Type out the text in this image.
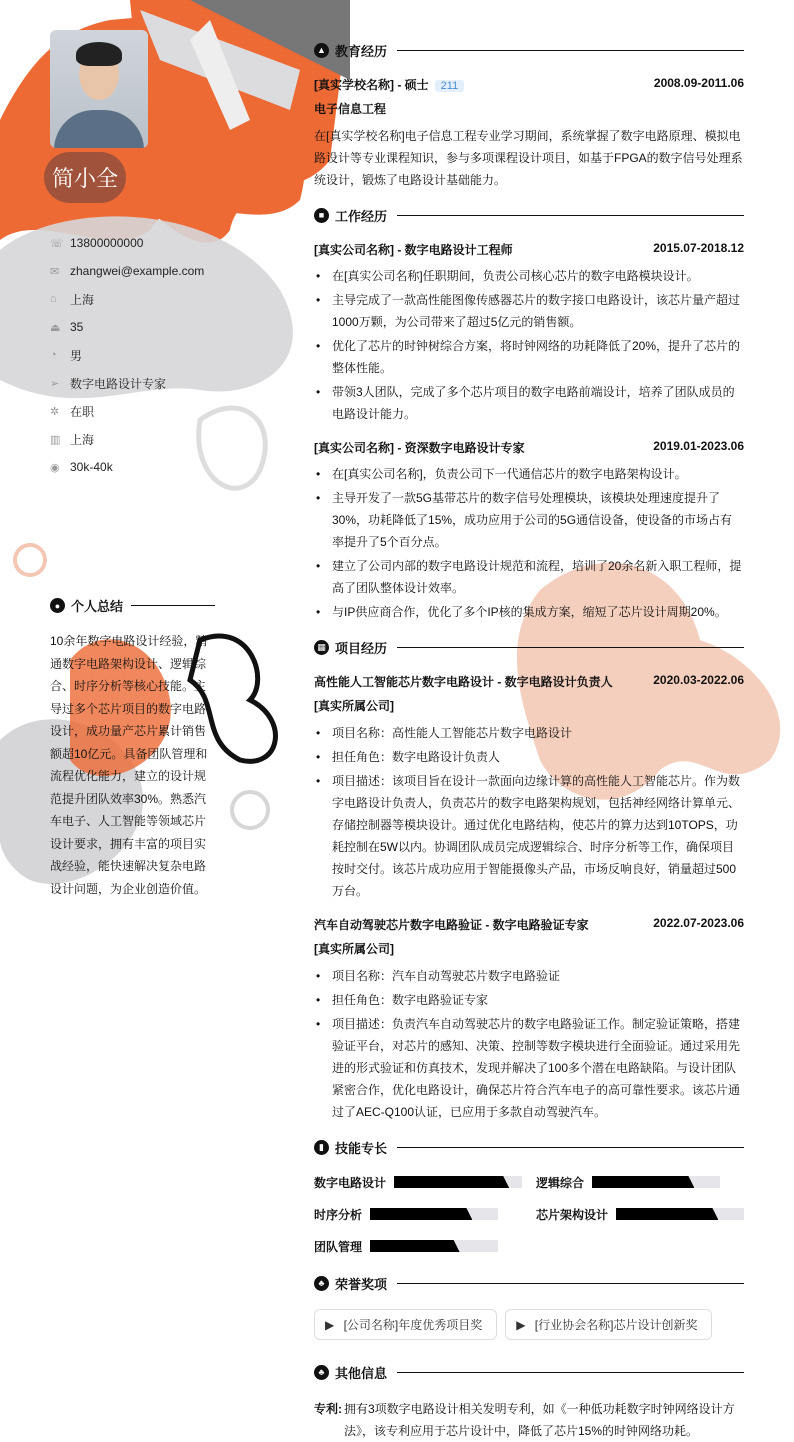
简小全
☏ 13800000000
✉ zhangwei@example.com
⌂	上海
⏏ 35
◔	男
➢ 数字电路设计专家
✲ 在职
▥ 上海
◉ 30k-40k
● 个人总结
10余年数字电路设计经验，精通数字电路架构设计、逻辑综合、时序分析等核心技能。主导过多个芯片项目的数字电路设计，成功量产芯片累计销售额超10亿元。具备团队管理和流程优化能力，建立的设计规范提升团队效率30%。熟悉汽车电子、人工智能等领域芯片设计要求，拥有丰富的项目实战经验，能快速解决复杂电路设计问题，为企业创造价值。
▲ 教育经历
[真实学校名称] - 硕士 211	2008.09-2011.06
电子信息工程

在[真实学校名称]电子信息工程专业学习期间，系统掌握了数字电路原理、模拟电路设计等专业课程知识，参与多项课程设计项目，如基于FPGA的数字信号处理系统设计，锻炼了电路设计基础能力。

■ 工作经历
[真实公司名称] - 数字电路设计工程师	2015.07-2018.12
• 在[真实公司名称]任职期间，负责公司核心芯片的数字电路模块设计。
• 主导完成了一款高性能图像传感器芯片的数字接口电路设计，该芯片量产超过1000万颗，为公司带来了超过5亿元的销售额。
• 优化了芯片的时钟树综合方案，将时钟网络的功耗降低了20%，提升了芯片的整体性能。
• 带领3人团队，完成了多个芯片项目的数字电路前端设计，培养了团队成员的电路设计能力。
[真实公司名称] - 资深数字电路设计专家	2019.01-2023.06
• 在[真实公司名称]，负责公司下一代通信芯片的数字电路架构设计。
• 主导开发了一款5G基带芯片的数字信号处理模块，该模块处理速度提升了30%，功耗降低了15%，成功应用于公司的5G通信设备，使设备的市场占有率提升了5个百分点。
• 建立了公司内部的数字电路设计规范和流程，培训了20余名新入职工程师，提高了团队整体设计效率。
• 与IP供应商合作，优化了多个IP核的集成方案，缩短了芯片设计周期20%。
▦ 项目经历
高性能人工智能芯片数字电路设计 - 数字电路设计负责人	2020.03-2022.06
[真实所属公司]
• 项目名称：高性能人工智能芯片数字电路设计
• 担任角色：数字电路设计负责人
• 项目描述：该项目旨在设计一款面向边缘计算的高性能人工智能芯片。作为数字电路设计负责人，负责芯片的数字电路架构规划，包括神经网络计算单元、存储控制器等模块设计。通过优化电路结构，使芯片的算力达到10TOPS，功耗控制在5W以内。协调团队成员完成逻辑综合、时序分析等工作，确保项目按时交付。该芯片成功应用于智能摄像头产品，市场反响良好，销量超过500万台。
汽车自动驾驶芯片数字电路验证 - 数字电路验证专家	2022.07-2023.06
[真实所属公司]
• 项目名称：汽车自动驾驶芯片数字电路验证
• 担任角色：数字电路验证专家
• 项目描述：负责汽车自动驾驶芯片的数字电路验证工作。制定验证策略，搭建验证平台，对芯片的感知、决策、控制等数字模块进行全面验证。通过采用先进的形式验证和仿真技术，发现并解决了100多个潜在电路缺陷。与设计团队紧密合作，优化电路设计，确保芯片符合汽车电子的高可靠性要求。该芯片通过了AEC-Q100认证，已应用于多款自动驾驶汽车。
▮ 技能专长
数字电路设计	逻辑综合
时序分析	芯片架构设计
团队管理
♣ 荣誉奖项
▶ [公司名称]年度优秀项目奖	▶ [行业协会名称]芯片设计创新奖
♣ 其他信息
专利: 拥有3项数字电路设计相关发明专利，如《一种低功耗数字时钟网络设计方法》，该专利应用于芯片设计中，降低了芯片15%的时钟网络功耗。
